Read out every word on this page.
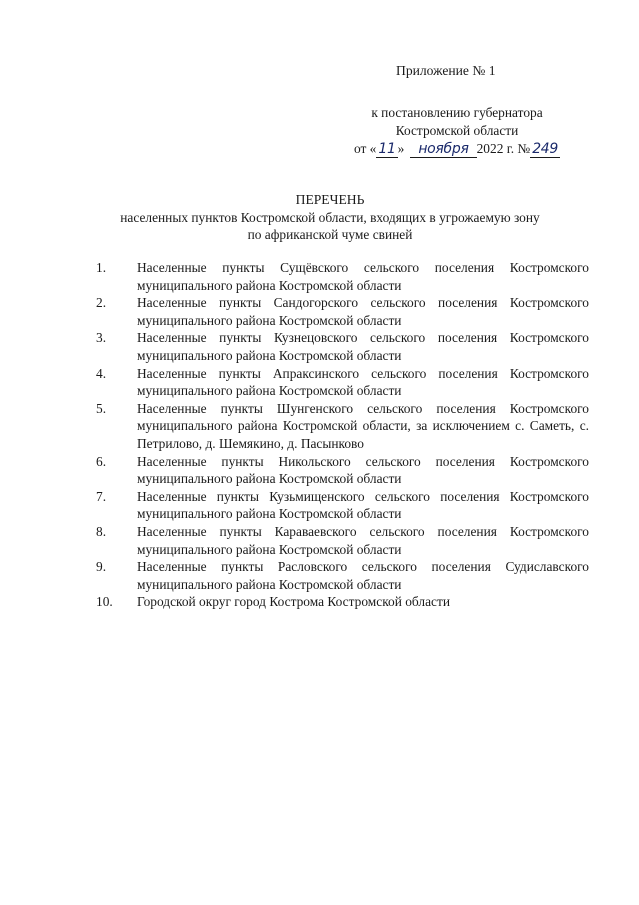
Приложение № 1
к постановлению губернатора
Костромской области
от « 11 » ноября 2022 г. № 249
ПЕРЕЧЕНЬ
населенных пунктов Костромской области, входящих в угрожаемую зону
по африканской чуме свиней
1.	Населенные пункты Сущёвского сельского поселения Костромского муниципального района Костромской области
2.	Населенные пункты Сандогорского сельского поселения Костромского муниципального района Костромской области
3.	Населенные пункты Кузнецовского сельского поселения Костромского муниципального района Костромской области
4.	Населенные пункты Апраксинского сельского поселения Костромского муниципального района Костромской области
5.	Населенные пункты Шунгенского сельского поселения Костромского муниципального района Костромской области, за исключением с. Саметь, с. Петрилово, д. Шемякино, д. Пасынково
6.	Населенные пункты Никольского сельского поселения Костромского муниципального района Костромской области
7.	Населенные пункты Кузьмищенского сельского поселения Костромского муниципального района Костромской области
8.	Населенные пункты Караваевского сельского поселения Костромского муниципального района Костромской области
9.	Населенные пункты Расловского сельского поселения Судиславского муниципального района Костромской области
10.	Городской округ город Кострома Костромской области
